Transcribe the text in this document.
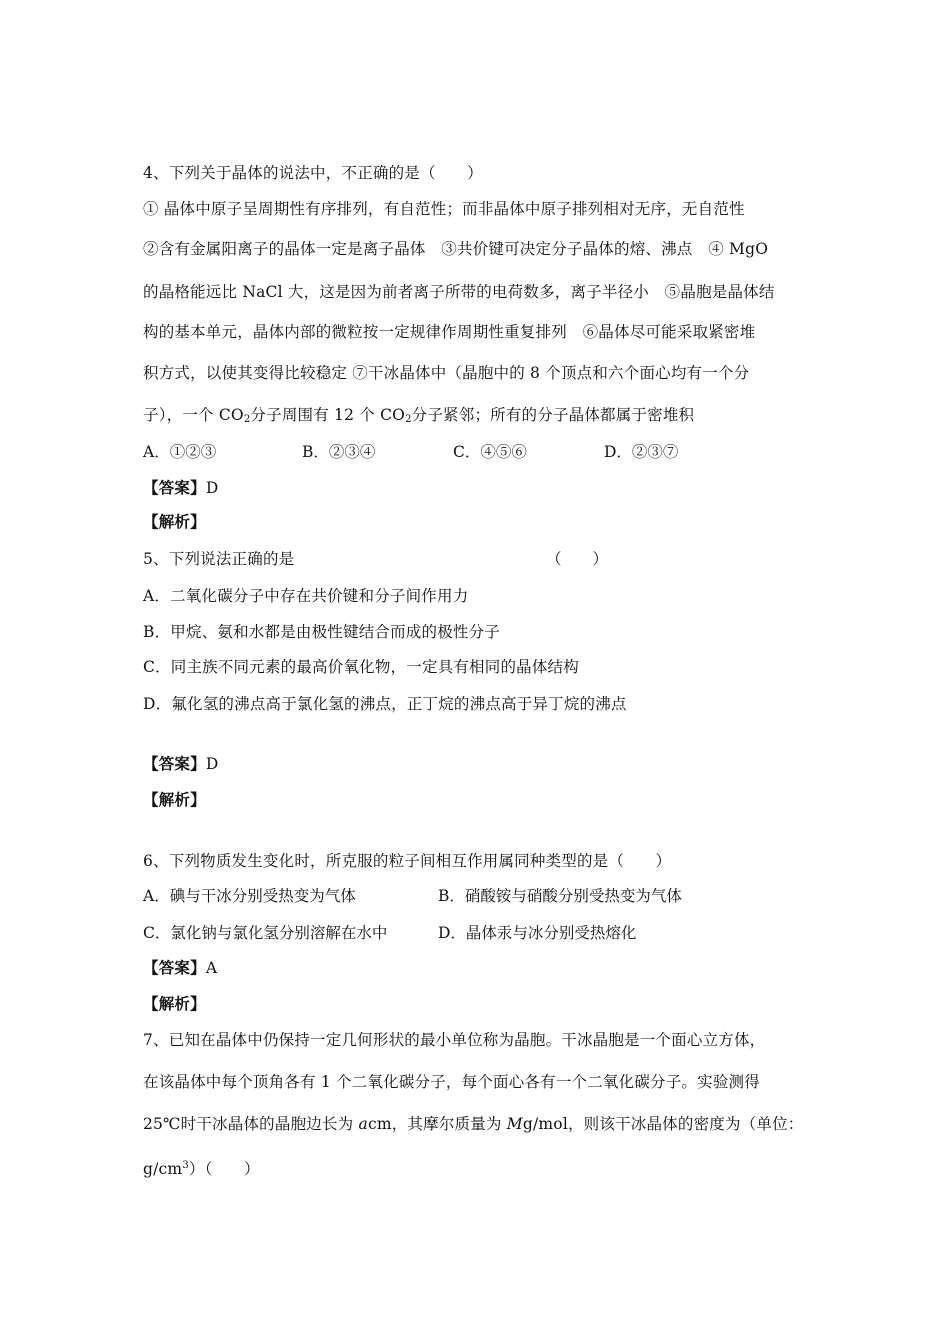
4、下列关于晶体的说法中，不正确的是（　　）
① 晶体中原子呈周期性有序排列，有自范性；而非晶体中原子排列相对无序，无自范性
②含有金属阳离子的晶体一定是离子晶体　③共价键可决定分子晶体的熔、沸点　④ MgO
的晶格能远比 NaCl 大，这是因为前者离子所带的电荷数多，离子半径小　⑤晶胞是晶体结
构的基本单元，晶体内部的微粒按一定规律作周期性重复排列　⑥晶体尽可能采取紧密堆
积方式，以使其变得比较稳定 ⑦干冰晶体中（晶胞中的 8 个顶点和六个面心均有一个分
子），一个 $CO_2$分子周围有 12 个 $CO_2$分子紧邻；所有的分子晶体都属于密堆积
A．①②③	B．②③④	C．④⑤⑥	D．②③⑦
【答案】D
【解析】
5、下列说法正确的是	（　　）
A．二氧化碳分子中存在共价键和分子间作用力
B．甲烷、氨和水都是由极性键结合而成的极性分子
C．同主族不同元素的最高价氧化物，一定具有相同的晶体结构
D．氟化氢的沸点高于氯化氢的沸点，正丁烷的沸点高于异丁烷的沸点
【答案】D
【解析】
6、下列物质发生变化时，所克服的粒子间相互作用属同种类型的是（　　）
A．碘与干冰分别受热变为气体	B．硝酸铵与硝酸分别受热变为气体
C．氯化钠与氯化氢分别溶解在水中	D．晶体汞与冰分别受热熔化
【答案】A
【解析】
7、已知在晶体中仍保持一定几何形状的最小单位称为晶胞。干冰晶胞是一个面心立方体，
在该晶体中每个顶角各有 1 个二氧化碳分子，每个面心各有一个二氧化碳分子。实验测得
25℃时干冰晶体的晶胞边长为 acm，其摩尔质量为 Mg/mol，则该干冰晶体的密度为（单位：
$g/cm^3$）（　　）
